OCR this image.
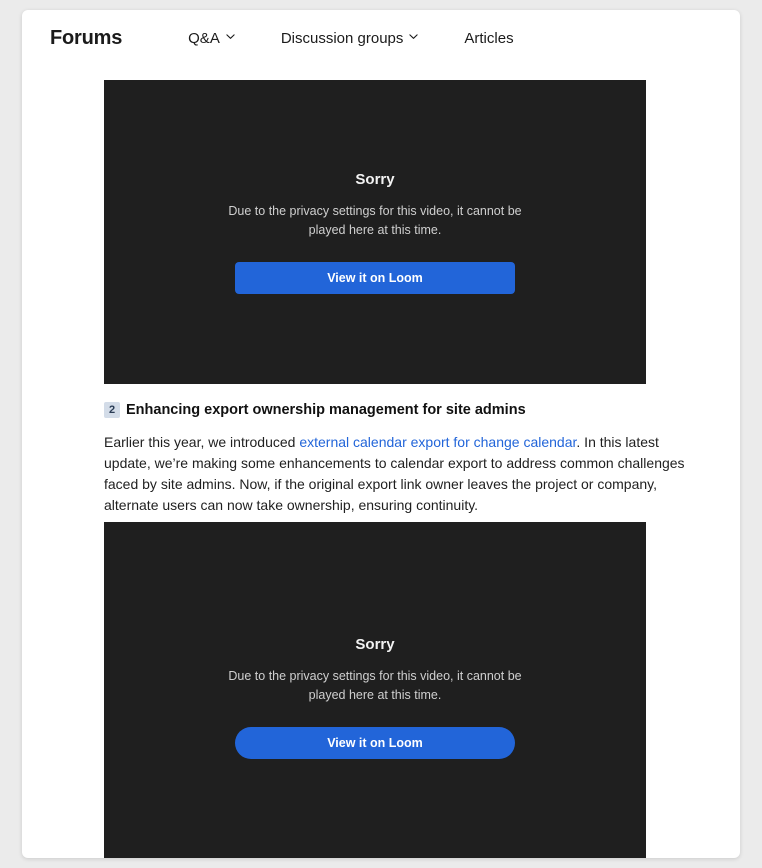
Forums	Q&A	Discussion groups	Articles
Sorry
Due to the privacy settings for this video, it cannot be played here at this time.
View it on Loom
2 Enhancing export ownership management for site admins

Earlier this year, we introduced external calendar export for change calendar. In this latest update, we’re making some enhancements to calendar export to address common challenges faced by site admins. Now, if the original export link owner leaves the project or company, alternate users can now take ownership, ensuring continuity.

Sorry
Due to the privacy settings for this video, it cannot be played here at this time.
View it on Loom
